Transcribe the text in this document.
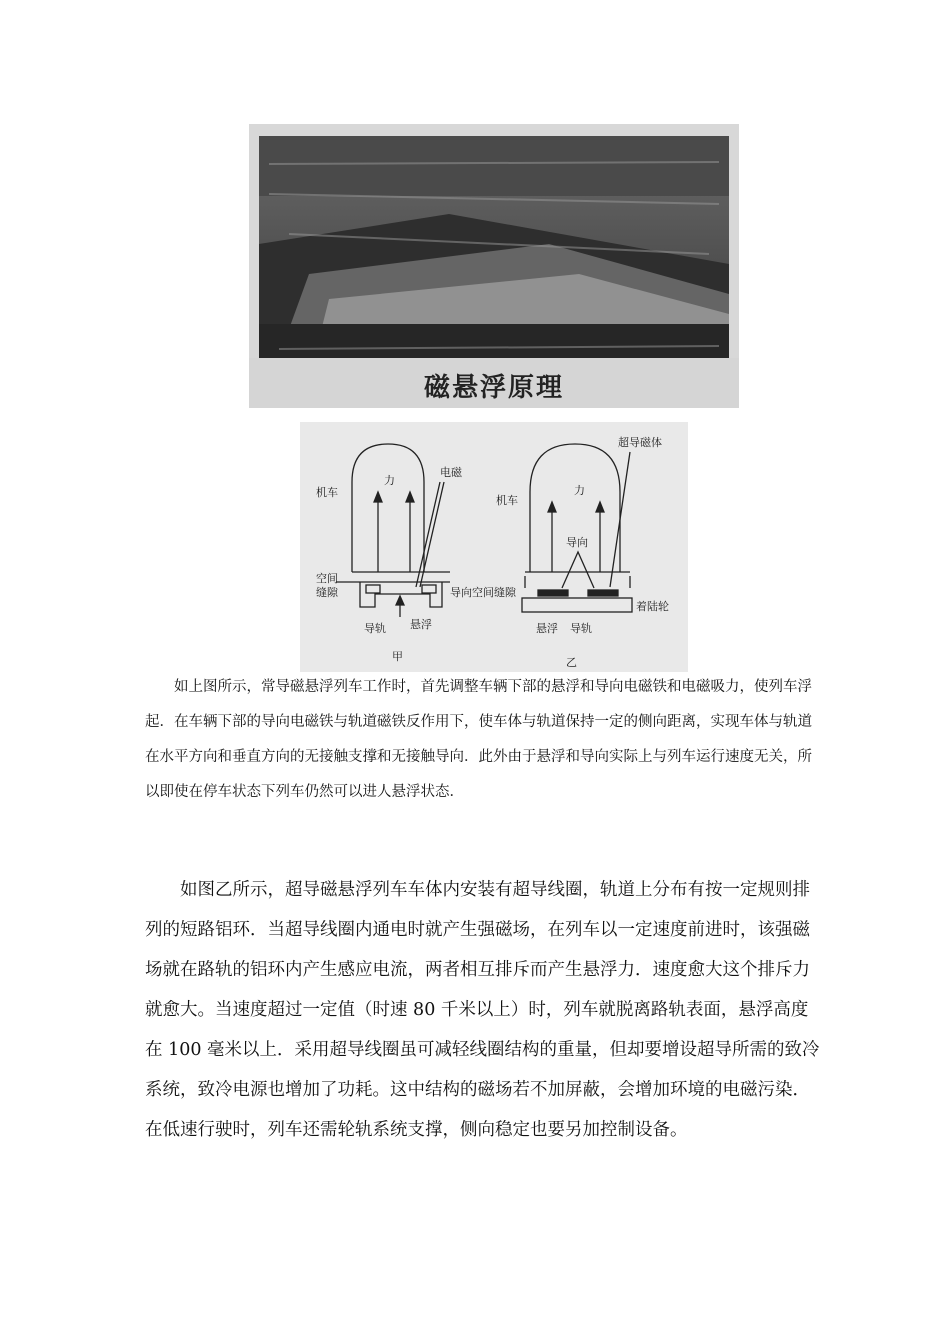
磁悬浮原理
力
机车
电磁
空间
缝隙	导向空间缝隙
导轨 悬浮
甲
超导磁体
力
机车
导向
着陆轮
悬浮 导轨
乙

如上图所示，常导磁悬浮列车工作时，首先调整车辆下部的悬浮和导向电磁铁和电磁吸力，使列车浮起．在车辆下部的导向电磁铁与轨道磁铁反作用下，使车体与轨道保持一定的侧向距离，实现车体与轨道在水平方向和垂直方向的无接触支撑和无接触导向．此外由于悬浮和导向实际上与列车运行速度无关，所以即使在停车状态下列车仍然可以进人悬浮状态．

如图乙所示，超导磁悬浮列车车体内安装有超导线圈，轨道上分布有按一定规则排列的短路铝环．当超导线圈内通电时就产生强磁场，在列车以一定速度前进时，该强磁场就在路轨的铝环内产生感应电流，两者相互排斥而产生悬浮力．速度愈大这个排斥力就愈大。当速度超过一定值（时速 80 千米以上）时，列车就脱离路轨表面，悬浮高度在 100 毫米以上．采用超导线圈虽可减轻线圈结构的重量，但却要增设超导所需的致冷系统，致冷电源也增加了功耗。这中结构的磁场若不加屏蔽，会增加环境的电磁污染．在低速行驶时，列车还需轮轨系统支撑，侧向稳定也要另加控制设备。
